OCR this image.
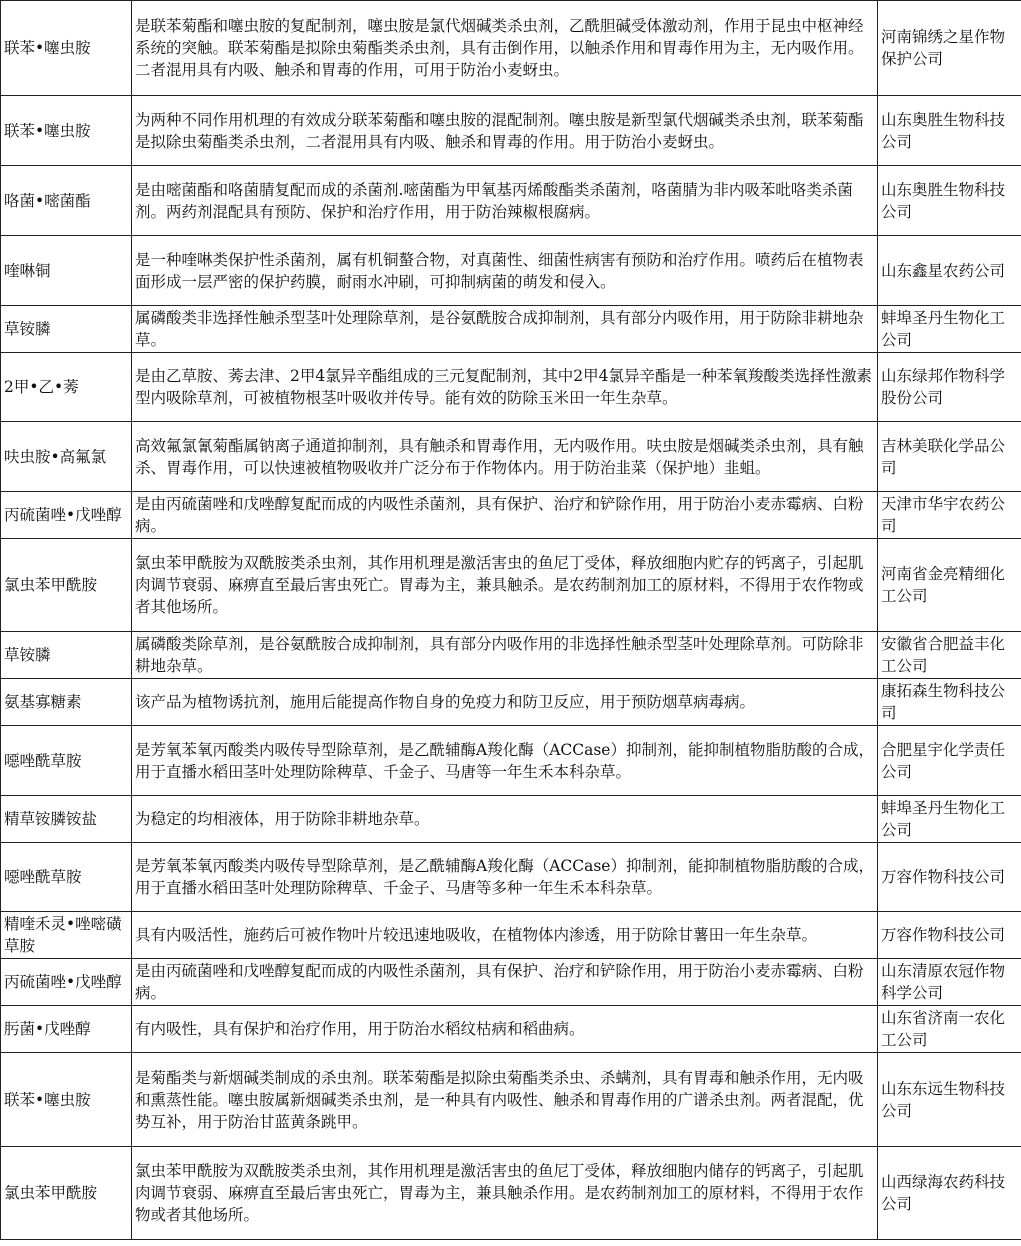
联苯•噻虫胺	是联苯菊酯和噻虫胺的复配制剂，噻虫胺是氯代烟碱类杀虫剂，乙酰胆碱受体激动剂，作用于昆虫中枢神经系统的突触。联苯菊酯是拟除虫菊酯类杀虫剂，具有击倒作用，以触杀作用和胃毒作用为主，无内吸作用。二者混用具有内吸、触杀和胃毒的作用，可用于防治小麦蚜虫。	河南锦绣之星作物保护公司
联苯•噻虫胺	为两种不同作用机理的有效成分联苯菊酯和噻虫胺的混配制剂。噻虫胺是新型氯代烟碱类杀虫剂，联苯菊酯是拟除虫菊酯类杀虫剂，二者混用具有内吸、触杀和胃毒的作用。用于防治小麦蚜虫。	山东奥胜生物科技公司
咯菌•嘧菌酯	是由嘧菌酯和咯菌腈复配而成的杀菌剂.嘧菌酯为甲氧基丙烯酸酯类杀菌剂，咯菌腈为非内吸苯吡咯类杀菌剂。两药剂混配具有预防、保护和治疗作用，用于防治辣椒根腐病。	山东奥胜生物科技公司
喹啉铜	是一种喹啉类保护性杀菌剂，属有机铜螯合物，对真菌性、细菌性病害有预防和治疗作用。喷药后在植物表面形成一层严密的保护药膜，耐雨水冲刷，可抑制病菌的萌发和侵入。	山东鑫星农药公司
草铵膦	属磷酸类非选择性触杀型茎叶处理除草剂，是谷氨酰胺合成抑制剂，具有部分内吸作用，用于防除非耕地杂草。	蚌埠圣丹生物化工公司
2甲•乙•莠	是由乙草胺、莠去津、2甲4氯异辛酯组成的三元复配制剂，其中2甲4氯异辛酯是一种苯氧羧酸类选择性激素型内吸除草剂，可被植物根茎叶吸收并传导。能有效的防除玉米田一年生杂草。	山东绿邦作物科学股份公司
呋虫胺•高氟氯	高效氟氯氰菊酯属钠离子通道抑制剂，具有触杀和胃毒作用，无内吸作用。呋虫胺是烟碱类杀虫剂，具有触杀、胃毒作用，可以快速被植物吸收并广泛分布于作物体内。用于防治韭菜（保护地）韭蛆。	吉林美联化学品公司
丙硫菌唑•戊唑醇	是由丙硫菌唑和戊唑醇复配而成的内吸性杀菌剂，具有保护、治疗和铲除作用，用于防治小麦赤霉病、白粉病。	天津市华宇农药公司
氯虫苯甲酰胺	氯虫苯甲酰胺为双酰胺类杀虫剂，其作用机理是激活害虫的鱼尼丁受体，释放细胞内贮存的钙离子，引起肌肉调节衰弱、麻痹直至最后害虫死亡。胃毒为主，兼具触杀。是农药制剂加工的原材料，不得用于农作物或者其他场所。	河南省金亮精细化工公司
草铵膦	属磷酸类除草剂，是谷氨酰胺合成抑制剂，具有部分内吸作用的非选择性触杀型茎叶处理除草剂。可防除非耕地杂草。	安徽省合肥益丰化工公司
氨基寡糖素	该产品为植物诱抗剂，施用后能提高作物自身的免疫力和防卫反应，用于预防烟草病毒病。	康拓森生物科技公司
噁唑酰草胺	是芳氧苯氧丙酸类内吸传导型除草剂，是乙酰辅酶A羧化酶（ACCase）抑制剂，能抑制植物脂肪酸的合成，用于直播水稻田茎叶处理防除稗草、千金子、马唐等一年生禾本科杂草。	合肥星宇化学责任公司
精草铵膦铵盐	为稳定的均相液体，用于防除非耕地杂草。	蚌埠圣丹生物化工公司
噁唑酰草胺	是芳氧苯氧丙酸类内吸传导型除草剂，是乙酰辅酶A羧化酶（ACCase）抑制剂，能抑制植物脂肪酸的合成，用于直播水稻田茎叶处理防除稗草、千金子、马唐等多种一年生禾本科杂草。	万容作物科技公司
精喹禾灵•唑嘧磺草胺	具有内吸活性，施药后可被作物叶片较迅速地吸收，在植物体内渗透，用于防除甘薯田一年生杂草。	万容作物科技公司
丙硫菌唑•戊唑醇	是由丙硫菌唑和戊唑醇复配而成的内吸性杀菌剂，具有保护、治疗和铲除作用，用于防治小麦赤霉病、白粉病。	山东清原农冠作物科学公司
肟菌•戊唑醇	有内吸性，具有保护和治疗作用，用于防治水稻纹枯病和稻曲病。	山东省济南一农化工公司
联苯•噻虫胺	是菊酯类与新烟碱类制成的杀虫剂。联苯菊酯是拟除虫菊酯类杀虫、杀螨剂，具有胃毒和触杀作用，无内吸和熏蒸性能。噻虫胺属新烟碱类杀虫剂，是一种具有内吸性、触杀和胃毒作用的广谱杀虫剂。两者混配，优势互补，用于防治甘蓝黄条跳甲。	山东东远生物科技公司
氯虫苯甲酰胺	氯虫苯甲酰胺为双酰胺类杀虫剂，其作用机理是激活害虫的鱼尼丁受体，释放细胞内储存的钙离子，引起肌肉调节衰弱、麻痹直至最后害虫死亡，胃毒为主，兼具触杀作用。是农药制剂加工的原材料，不得用于农作物或者其他场所。	山西绿海农药科技公司
